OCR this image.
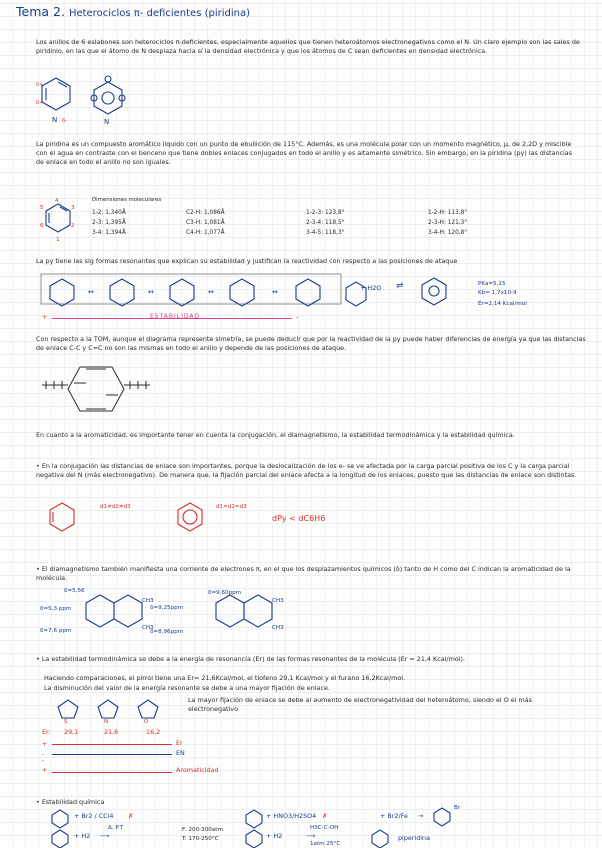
Tema 2. Heterociclos π- deficientes (piridina)
Los anillos de 6 eslabones son heterociclos π-deficientes, especialmente aquellos que tienen heteroátomos electronegativos como el N. Un claro ejemplo son las sales de piridinio, en las que el átomo de N desplaza hacia sí la densidad electrónica y que los átomos de C sean deficientes en densidad electrónica.
N
δ+
δ+
δ-	N
La piridina es un compuesto aromático líquido con un punto de ebullición de 115°C. Además, es una molécula polar con un momento magnético, μ, de 2,2D y miscible con el agua en contraste con el benceno que tiene dobles enlaces conjugados en todo el anillo y es altamente simétrico. Sin embargo, en la piridina (py) las distancias de enlace en todo el anillo no son iguales.
4
5
6
3
2
1
Dimensiones moleculares
1-2: 1,340Å	C2-H: 1,086Å	1-2-3: 123,8°	1-2-H: 113,8°
2-3: 1,395Å	C3-H: 1,081Å	2-3-4: 118,5°	2-3-H: 121,3°
3-4: 1,394Å	C4-H: 1,077Å	3-4-5: 118,3°	3-4-H: 120,8°
La py tiene las sig formas resonantes que explican su estabilidad y justifican la reactividad con respecto a las posiciones de ataque
↔	↔	↔	↔	+ H2O ⇌	PKa=5,15
Kb= 1,7x10-9
Er=2,14 Kcal/mol
+	ESTABILIDAD	-
Con respecto a la TOM, aunque el diagrama represente simetría, se puede deducir que por la reactividad de la py puede haber diferencias de energía ya que las distancias de enlace C-C y C=C no son las mismas en todo el anillo y depende de las posiciones de ataque.
En cuanto a la aromaticidad, es importante tener en cuenta la conjugación, el diamagnetismo, la estabilidad termodinámica y la estabilidad química.
• En la conjugación las distancias de enlace son importantes, porque la deslocalización de los e- se ve afectada por la carga parcial positiva de los C y la carga parcial negativa del N (más electronegativo). De manera que, la fijación parcial del enlace afecta a la longitud de los enlaces, puesto que las distancias de enlace son distintas.
d1≠d2≠d3	d1=d2=d3
dPy < dC6H6
• El diamagnetismo también manifiesta una corriente de electrones π, en el que los desplazamientos químicos (δ) tanto de H como del C indican la aromaticidad de la molécula.
δ=5,56
δ=5,3 ppm
δ=7,6 ppm
δ=9,25ppm
δ=8,96ppm
δ=9,60ppm
CH3
CH3
CH3
CH3
• La estabilidad termodinámica se debe a la energía de resonancia (Er) de las formas resonantes de la molécula (Er = 21,4 Kcal/mol).
Haciendo comparaciones, el pirrol tiene una Er= 21,6Kcal/mol, el tiofeno 29,1 Kcal/mol y el furano 16,2Kcal/mol.
La disminución del valor de la energía resonante se debe a una mayor fijación de enlace.
La mayor fijación de enlace se debe al aumento de electronegatividad del heteroátomo, siendo el O el más electronegativo
S	N	O
Er: 29,1	21,6	16,2
Er
EN
Aromaticidad
+
-
+
-
• Estabilidad química
+ Br2 / CCl4 ✗
+ H2
Δ, P.T
⟶
F: 200-300atm
T: 170-250°C
+ HNO3/H2SO4 ✗	+ Br2/Fe →
Br
+ H2
H3C-C-OH
⟶
1atm 25°C
piperidina
